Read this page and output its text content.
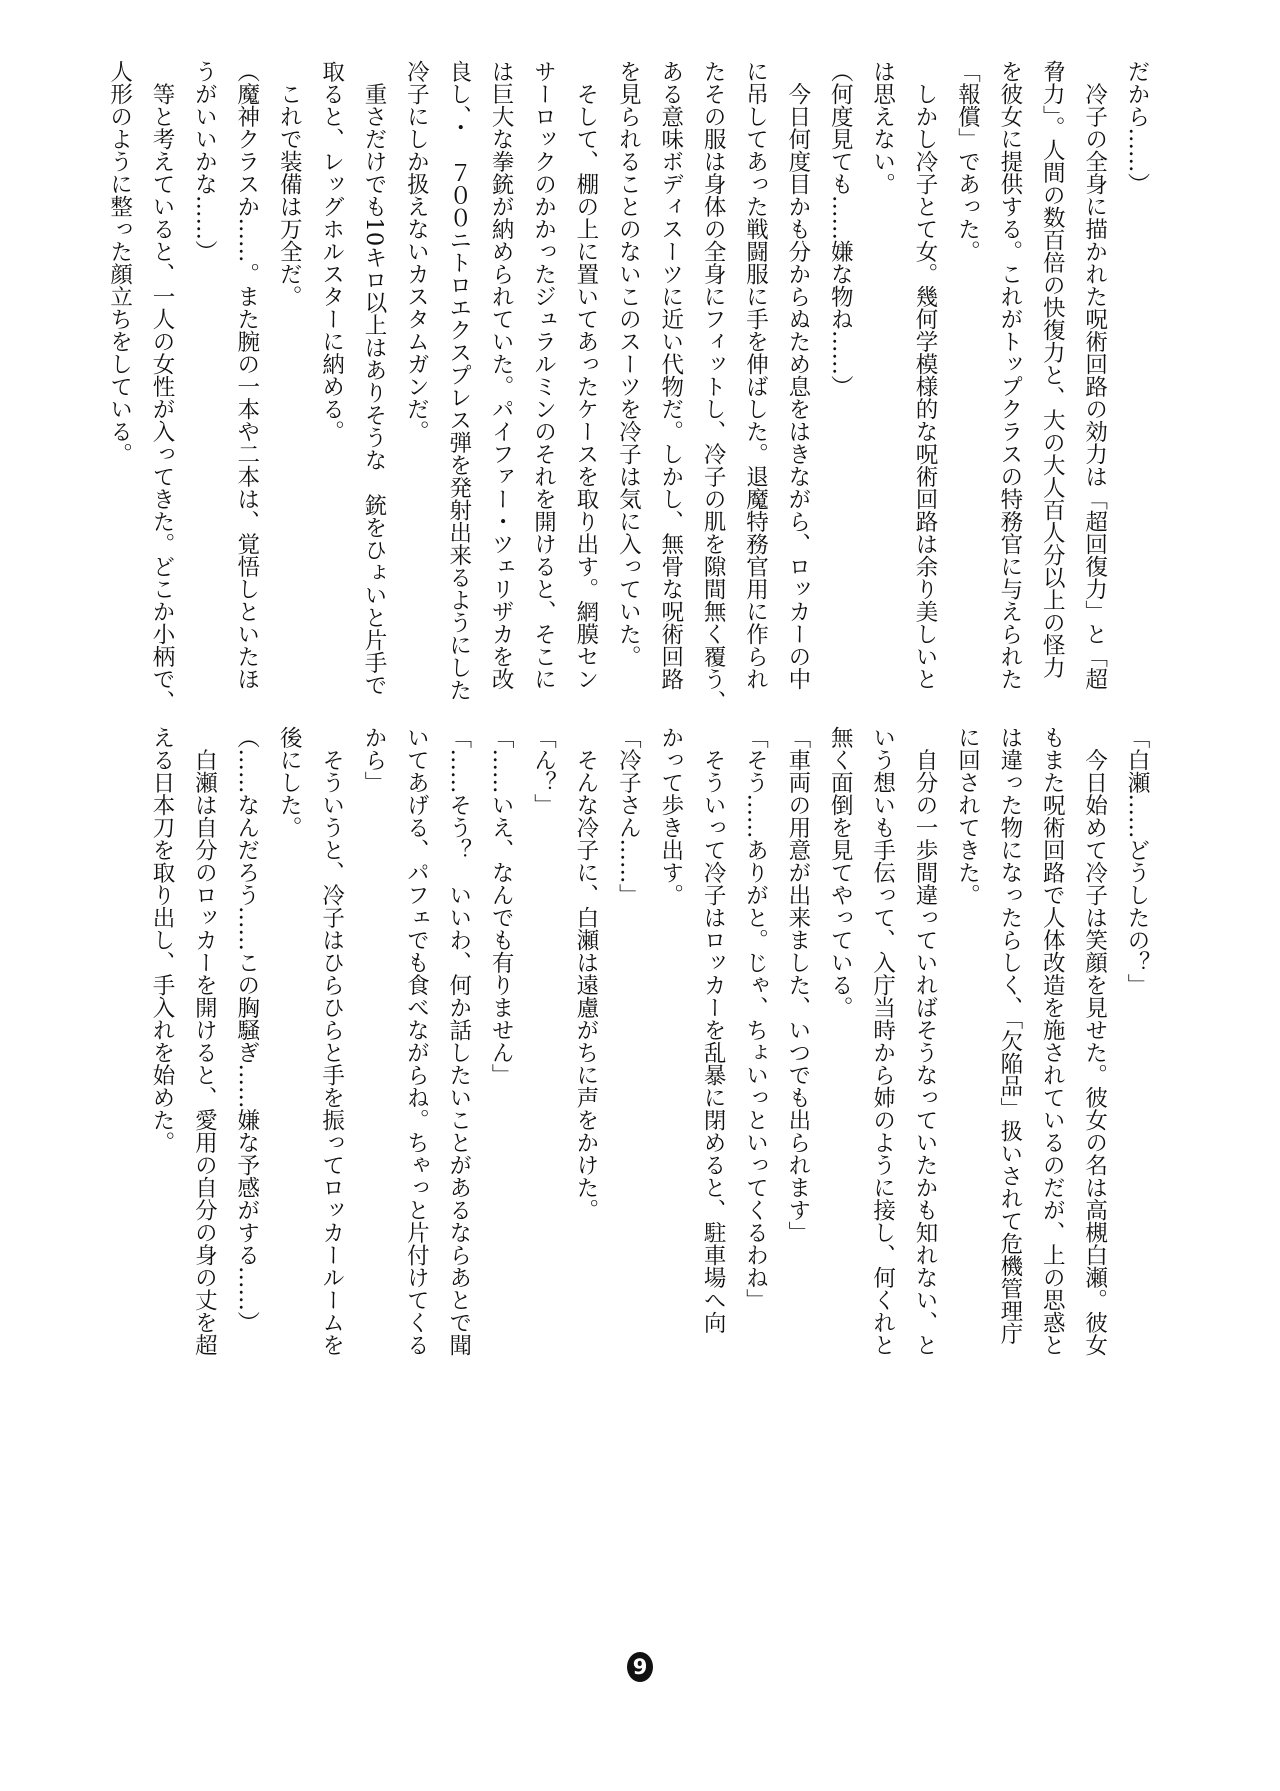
だから……）
　冷子の全身に描かれた呪術回路の効力は「超回復力」と「超
脅力」。人間の数百倍の快復力と、大の大人百人分以上の怪力
を彼女に提供する。これがトップクラスの特務官に与えられた
「報償」であった。
　しかし冷子とて女。幾何学模様的な呪術回路は余り美しいと
は思えない。
（何度見ても……嫌な物ね……）
　今日何度目かも分からぬため息をはきながら、ロッカーの中
に吊してあった戦闘服に手を伸ばした。退魔特務官用に作られ
たその服は身体の全身にフィットし、冷子の肌を隙間無く覆う、
ある意味ボディスーツに近い代物だ。しかし、無骨な呪術回路
を見られることのないこのスーツを冷子は気に入っていた。
　そして、棚の上に置いてあったケースを取り出す。網膜セン
サーロックのかかったジュラルミンのそれを開けると、そこに
は巨大な拳銃が納められていた。パイファー・ツェリザカを改
良し、・　７００ニトロエクスプレス弾を発射出来るようにした
冷子にしか扱えないカスタムガンだ。
　重さだけでも10キロ以上はありそうな　銃をひょいと片手で
取ると、レッグホルスターに納める。
　これで装備は万全だ。
（魔神クラスか……。また腕の一本や二本は、覚悟しといたほ
うがいいかな……）
　等と考えていると、一人の女性が入ってきた。どこか小柄で、
人形のように整った顔立ちをしている。
「白瀬……どうしたの？」
　今日始めて冷子は笑顔を見せた。彼女の名は高槻白瀬。彼女
もまた呪術回路で人体改造を施されているのだが、上の思惑と
は違った物になったらしく、「欠陥品」扱いされて危機管理庁
に回されてきた。
　自分の一歩間違っていればそうなっていたかも知れない、と
いう想いも手伝って、入庁当時から姉のように接し、何くれと
無く面倒を見てやっている。
「車両の用意が出来ました、いつでも出られます」
「そう……ありがと。じゃ、ちょいっといってくるわね」
　そういって冷子はロッカーを乱暴に閉めると、駐車場へ向
かって歩き出す。
「冷子さん……」
　そんな冷子に、白瀬は遠慮がちに声をかけた。
「ん？」
「……いえ、なんでも有りません」
「……そう？　いいわ、何か話したいことがあるならあとで聞
いてあげる、パフェでも食べながらね。ちゃっと片付けてくる
から」
　そういうと、冷子はひらひらと手を振ってロッカールームを
後にした。
（……なんだろう……この胸騒ぎ……嫌な予感がする……）
　白瀬は自分のロッカーを開けると、愛用の自分の身の丈を超
える日本刀を取り出し、手入れを始めた。
9
